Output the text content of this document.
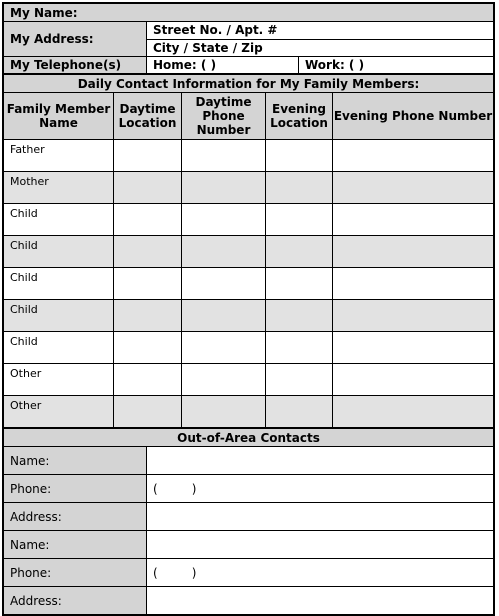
My Name:		
My Address:	Street No. / Apt. #	
	City / State / Zip	
My Telephone(s)	Home: ( )	Work: ( )
Daily Contact Information for My Family Members:				
Family Member Name	Daytime Location	Daytime Phone Number	Evening Location	Evening Phone Number
Father				
Mother				
Child				
Child				
Child				
Child				
Child				
Other				
Other				
Out-of-Area Contacts	
Name:	
Phone:	( )
Address:	
Name:	
Phone:	( )
Address:	
